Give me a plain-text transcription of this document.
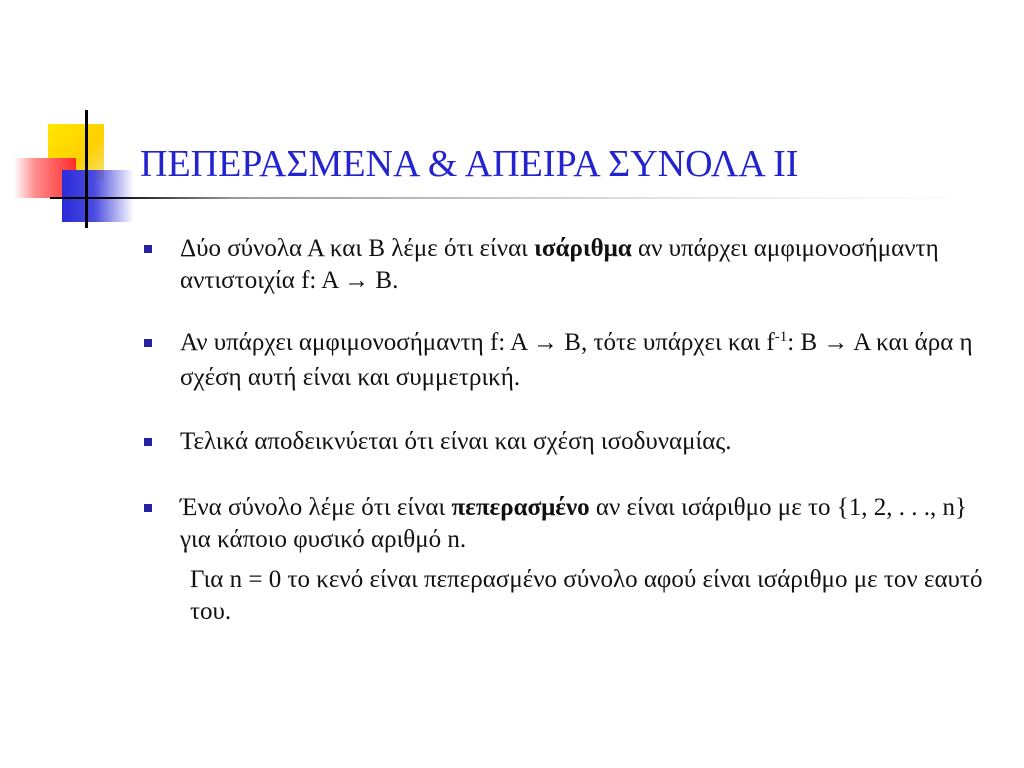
ΠΕΠΕΡΑΣΜΕΝΑ & ΑΠΕΙΡΑ ΣΥΝΟΛΑ ΙΙ
Δύο σύνολα Α και Β λέμε ότι είναι ισάριθμα αν υπάρχει αμφιμονοσήμαντη αντιστοιχία f: A → B.
Αν υπάρχει αμφιμονοσήμαντη f: A → B, τότε υπάρχει και $f^{-1}$: B → A και άρα η σχέση αυτή είναι και συμμετρική.
Τελικά αποδεικνύεται ότι είναι και σχέση ισοδυναμίας.
Ένα σύνολο λέμε ότι είναι πεπερασμένο αν είναι ισάριθμο με το {1, 2, . . ., n} για κάποιο φυσικό αριθμό n.
Για n = 0 το κενό είναι πεπερασμένο σύνολο αφού είναι ισάριθμο με τον εαυτό του.
